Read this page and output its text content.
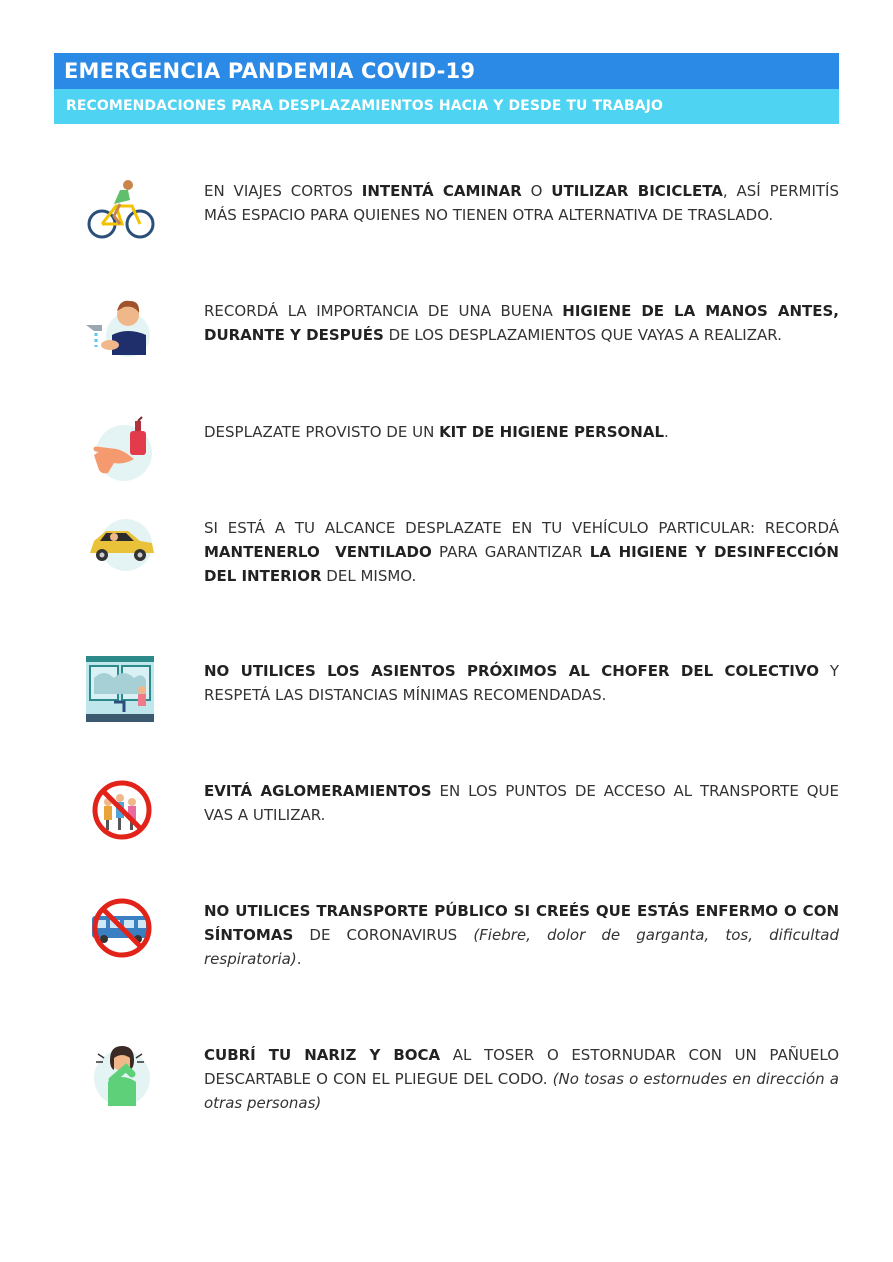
EMERGENCIA PANDEMIA COVID-19
RECOMENDACIONES PARA DESPLAZAMIENTOS HACIA Y DESDE TU TRABAJO
EN VIAJES CORTOS INTENTÁ CAMINAR O UTILIZAR BICICLETA, ASÍ PERMITÍS MÁS ESPACIO PARA QUIENES NO TIENEN OTRA ALTERNATIVA DE TRASLADO.
RECORDÁ LA IMPORTANCIA DE UNA BUENA HIGIENE DE LA MANOS ANTES, DURANTE Y DESPUÉS DE LOS DESPLAZAMIENTOS QUE VAYAS A REALIZAR.
DESPLAZATE PROVISTO DE UN KIT DE HIGIENE PERSONAL.
SI ESTÁ A TU ALCANCE DESPLAZATE EN TU VEHÍCULO PARTICULAR: RECORDÁ MANTENERLO  VENTILADO PARA GARANTIZAR LA HIGIENE Y DESINFECCIÓN DEL INTERIOR DEL MISMO.
NO UTILICES LOS ASIENTOS PRÓXIMOS AL CHOFER DEL COLECTIVO Y RESPETÁ LAS DISTANCIAS MÍNIMAS RECOMENDADAS.
EVITÁ AGLOMERAMIENTOS EN LOS PUNTOS DE ACCESO AL TRANSPORTE QUE VAS A UTILIZAR.
NO UTILICES TRANSPORTE PÚBLICO SI CREÉS QUE ESTÁS ENFERMO O CON SÍNTOMAS DE CORONAVIRUS (Fiebre, dolor de garganta, tos, dificultad respiratoria).
CUBRÍ TU NARIZ Y BOCA AL TOSER O ESTORNUDAR CON UN PAÑUELO DESCARTABLE O CON EL PLIEGUE DEL CODO. (No tosas o estornudes en dirección a otras personas)
